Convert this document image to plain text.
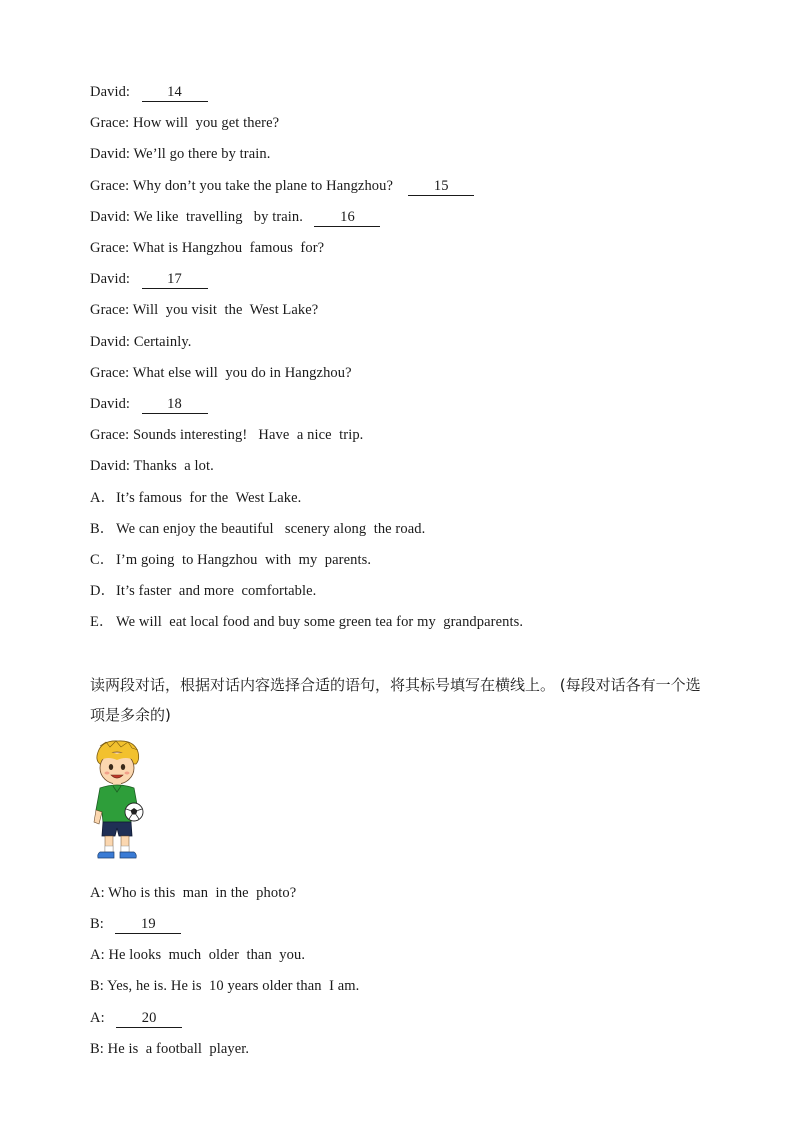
David:	14
Grace: How will  you get there?
David: We’ll go there by train.
Grace: Why don’t you take the plane to Hangzhou?	15
David: We like  travelling   by train.	16
Grace: What is Hangzhou  famous  for?
David:	17
Grace: Will  you visit  the  West Lake?
David: Certainly.
Grace: What else will  you do in Hangzhou?
David:	18
Grace: Sounds interesting!   Have  a nice  trip.
David: Thanks  a lot.
A．It’s famous  for the  West Lake.
B． We can enjoy the beautiful   scenery along  the road.
C． I’m going  to Hangzhou  with  my  parents.
D．It’s faster  and more  comfortable.
E． We will  eat local food and buy some green tea for my  grandparents.
读两段对话，根据对话内容选择合适的语句，将其标号填写在横线上。 (每段对话各有一个选项是多余的)
A: Who is this  man  in the  photo?
B:	19
A: He looks  much  older  than  you.
B: Yes, he is. He is  10 years older than  I am.
A:	20
B: He is  a football  player.
